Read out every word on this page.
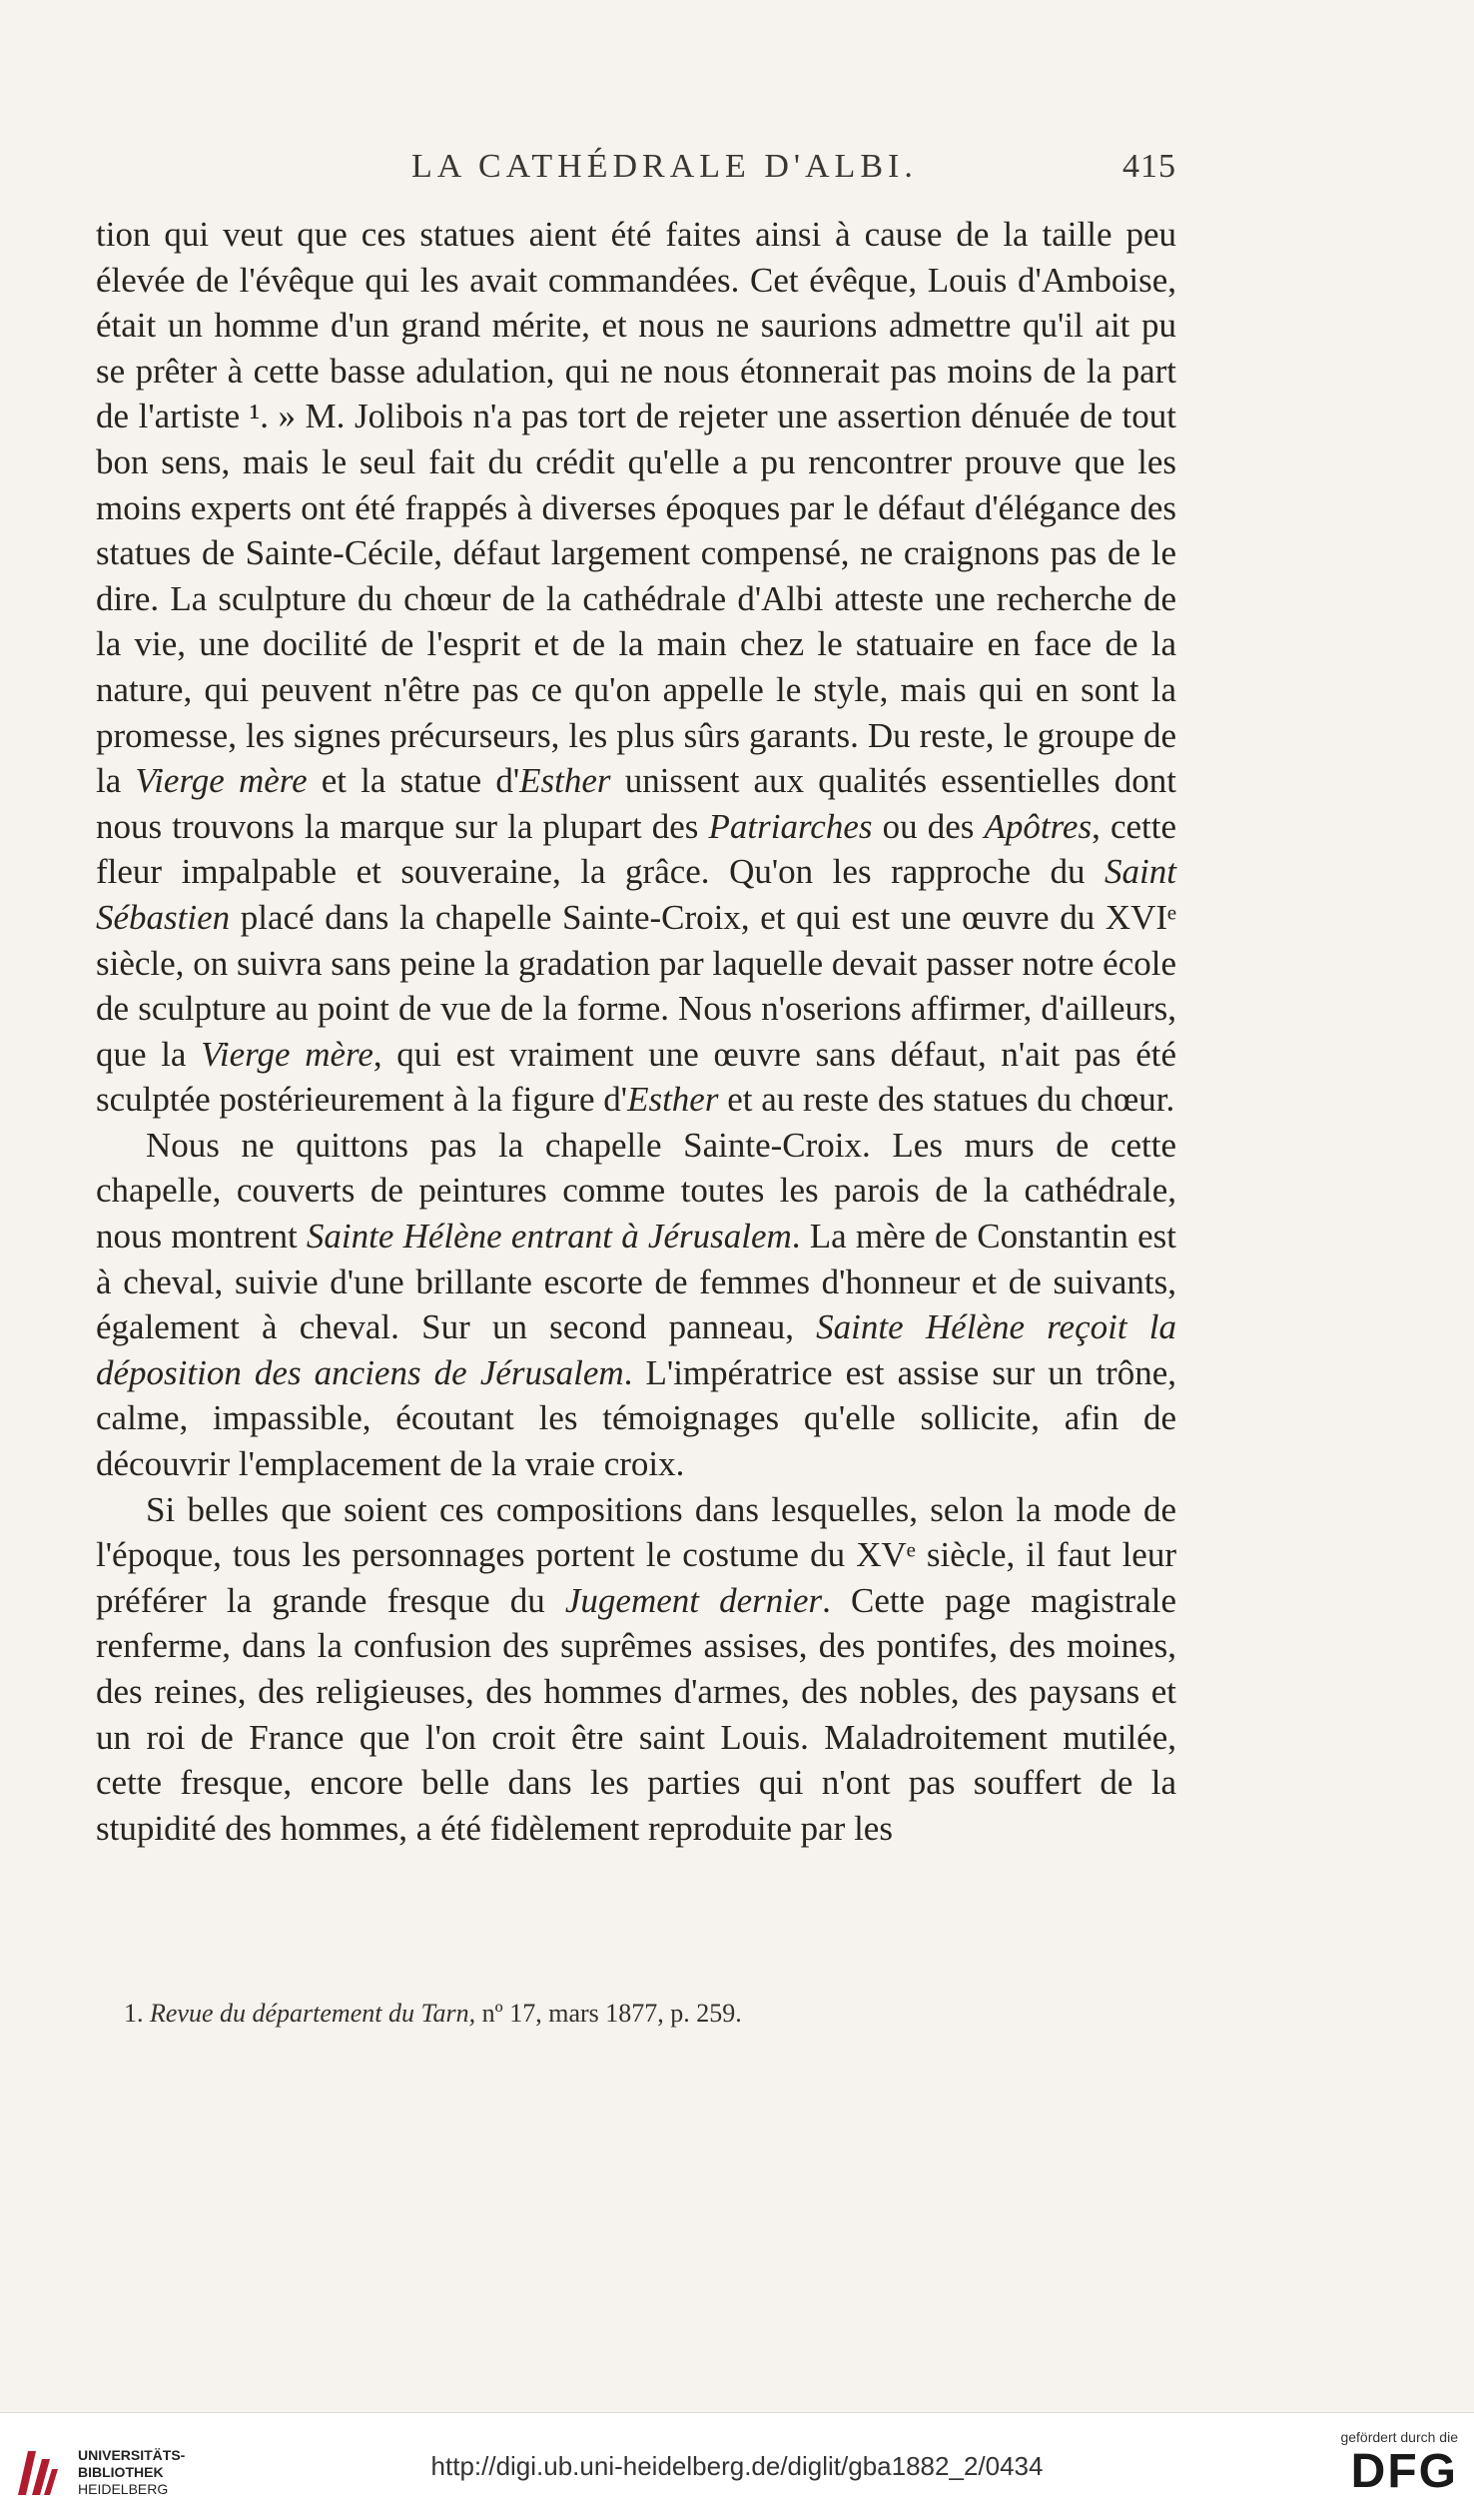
LA CATHÉDRALE D'ALBI.	415

tion qui veut que ces statues aient été faites ainsi à cause de la taille peu élevée de l'évêque qui les avait commandées. Cet évêque, Louis d'Amboise, était un homme d'un grand mérite, et nous ne saurions admettre qu'il ait pu se prêter à cette basse adulation, qui ne nous étonnerait pas moins de la part de l'artiste ¹. » M. Jolibois n'a pas tort de rejeter une assertion dénuée de tout bon sens, mais le seul fait du crédit qu'elle a pu rencontrer prouve que les moins experts ont été frappés à diverses époques par le défaut d'élégance des statues de Sainte-Cécile, défaut largement compensé, ne craignons pas de le dire. La sculpture du chœur de la cathédrale d'Albi atteste une recherche de la vie, une docilité de l'esprit et de la main chez le statuaire en face de la nature, qui peuvent n'être pas ce qu'on appelle le style, mais qui en sont la promesse, les signes précurseurs, les plus sûrs garants. Du reste, le groupe de la Vierge mère et la statue d'Esther unissent aux qualités essentielles dont nous trouvons la marque sur la plupart des Patriarches ou des Apôtres, cette fleur impalpable et souveraine, la grâce. Qu'on les rapproche du Saint Sébastien placé dans la chapelle Sainte-Croix, et qui est une œuvre du XVIᵉ siècle, on suivra sans peine la gradation par laquelle devait passer notre école de sculpture au point de vue de la forme. Nous n'oserions affirmer, d'ailleurs, que la Vierge mère, qui est vraiment une œuvre sans défaut, n'ait pas été sculptée postérieurement à la figure d'Esther et au reste des statues du chœur.

Nous ne quittons pas la chapelle Sainte-Croix. Les murs de cette chapelle, couverts de peintures comme toutes les parois de la cathédrale, nous montrent Sainte Hélène entrant à Jérusalem. La mère de Constantin est à cheval, suivie d'une brillante escorte de femmes d'honneur et de suivants, également à cheval. Sur un second panneau, Sainte Hélène reçoit la déposition des anciens de Jérusalem. L'impératrice est assise sur un trône, calme, impassible, écoutant les témoignages qu'elle sollicite, afin de découvrir l'emplacement de la vraie croix.

Si belles que soient ces compositions dans lesquelles, selon la mode de l'époque, tous les personnages portent le costume du XVᵉ siècle, il faut leur préférer la grande fresque du Jugement dernier. Cette page magistrale renferme, dans la confusion des suprêmes assises, des pontifes, des moines, des reines, des religieuses, des hommes d'armes, des nobles, des paysans et un roi de France que l'on croit être saint Louis. Maladroitement mutilée, cette fresque, encore belle dans les parties qui n'ont pas souffert de la stupidité des hommes, a été fidèlement reproduite par les

1. Revue du département du Tarn, nº 17, mars 1877, p. 259.
UNIVERSITÄTS-
BIBLIOTHEK
HEIDELBERG
http://digi.ub.uni-heidelberg.de/diglit/gba1882_2/0434
gefördert durch die
DFG
